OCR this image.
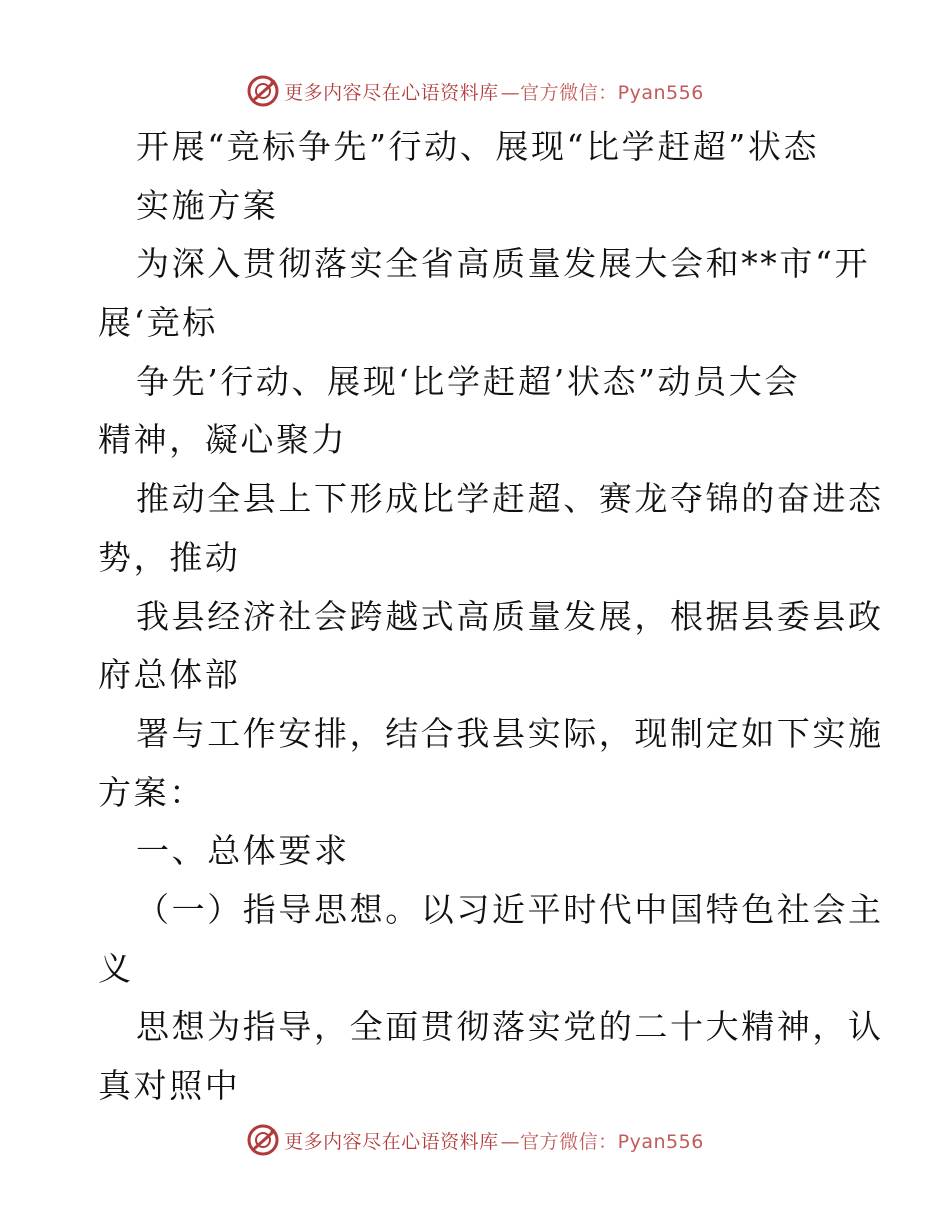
更多内容尽在心语资料库 —官方微信：Pyan556
开展“竞标争先”行动、展现“比学赶超”状态
实施方案
为深入贯彻落实全省高质量发展大会和**市“开
展‘竞标
争先’行动、展现‘比学赶超’状态”动员大会
精神，凝心聚力
推动全县上下形成比学赶超、赛龙夺锦的奋进态
势，推动
我县经济社会跨越式高质量发展，根据县委县政
府总体部
署与工作安排，结合我县实际，现制定如下实施
方案：
一、总体要求
（一）指导思想。以习近平时代中国特色社会主
义
思想为指导，全面贯彻落实党的二十大精神，认
真对照中
更多内容尽在心语资料库 —官方微信：Pyan556
